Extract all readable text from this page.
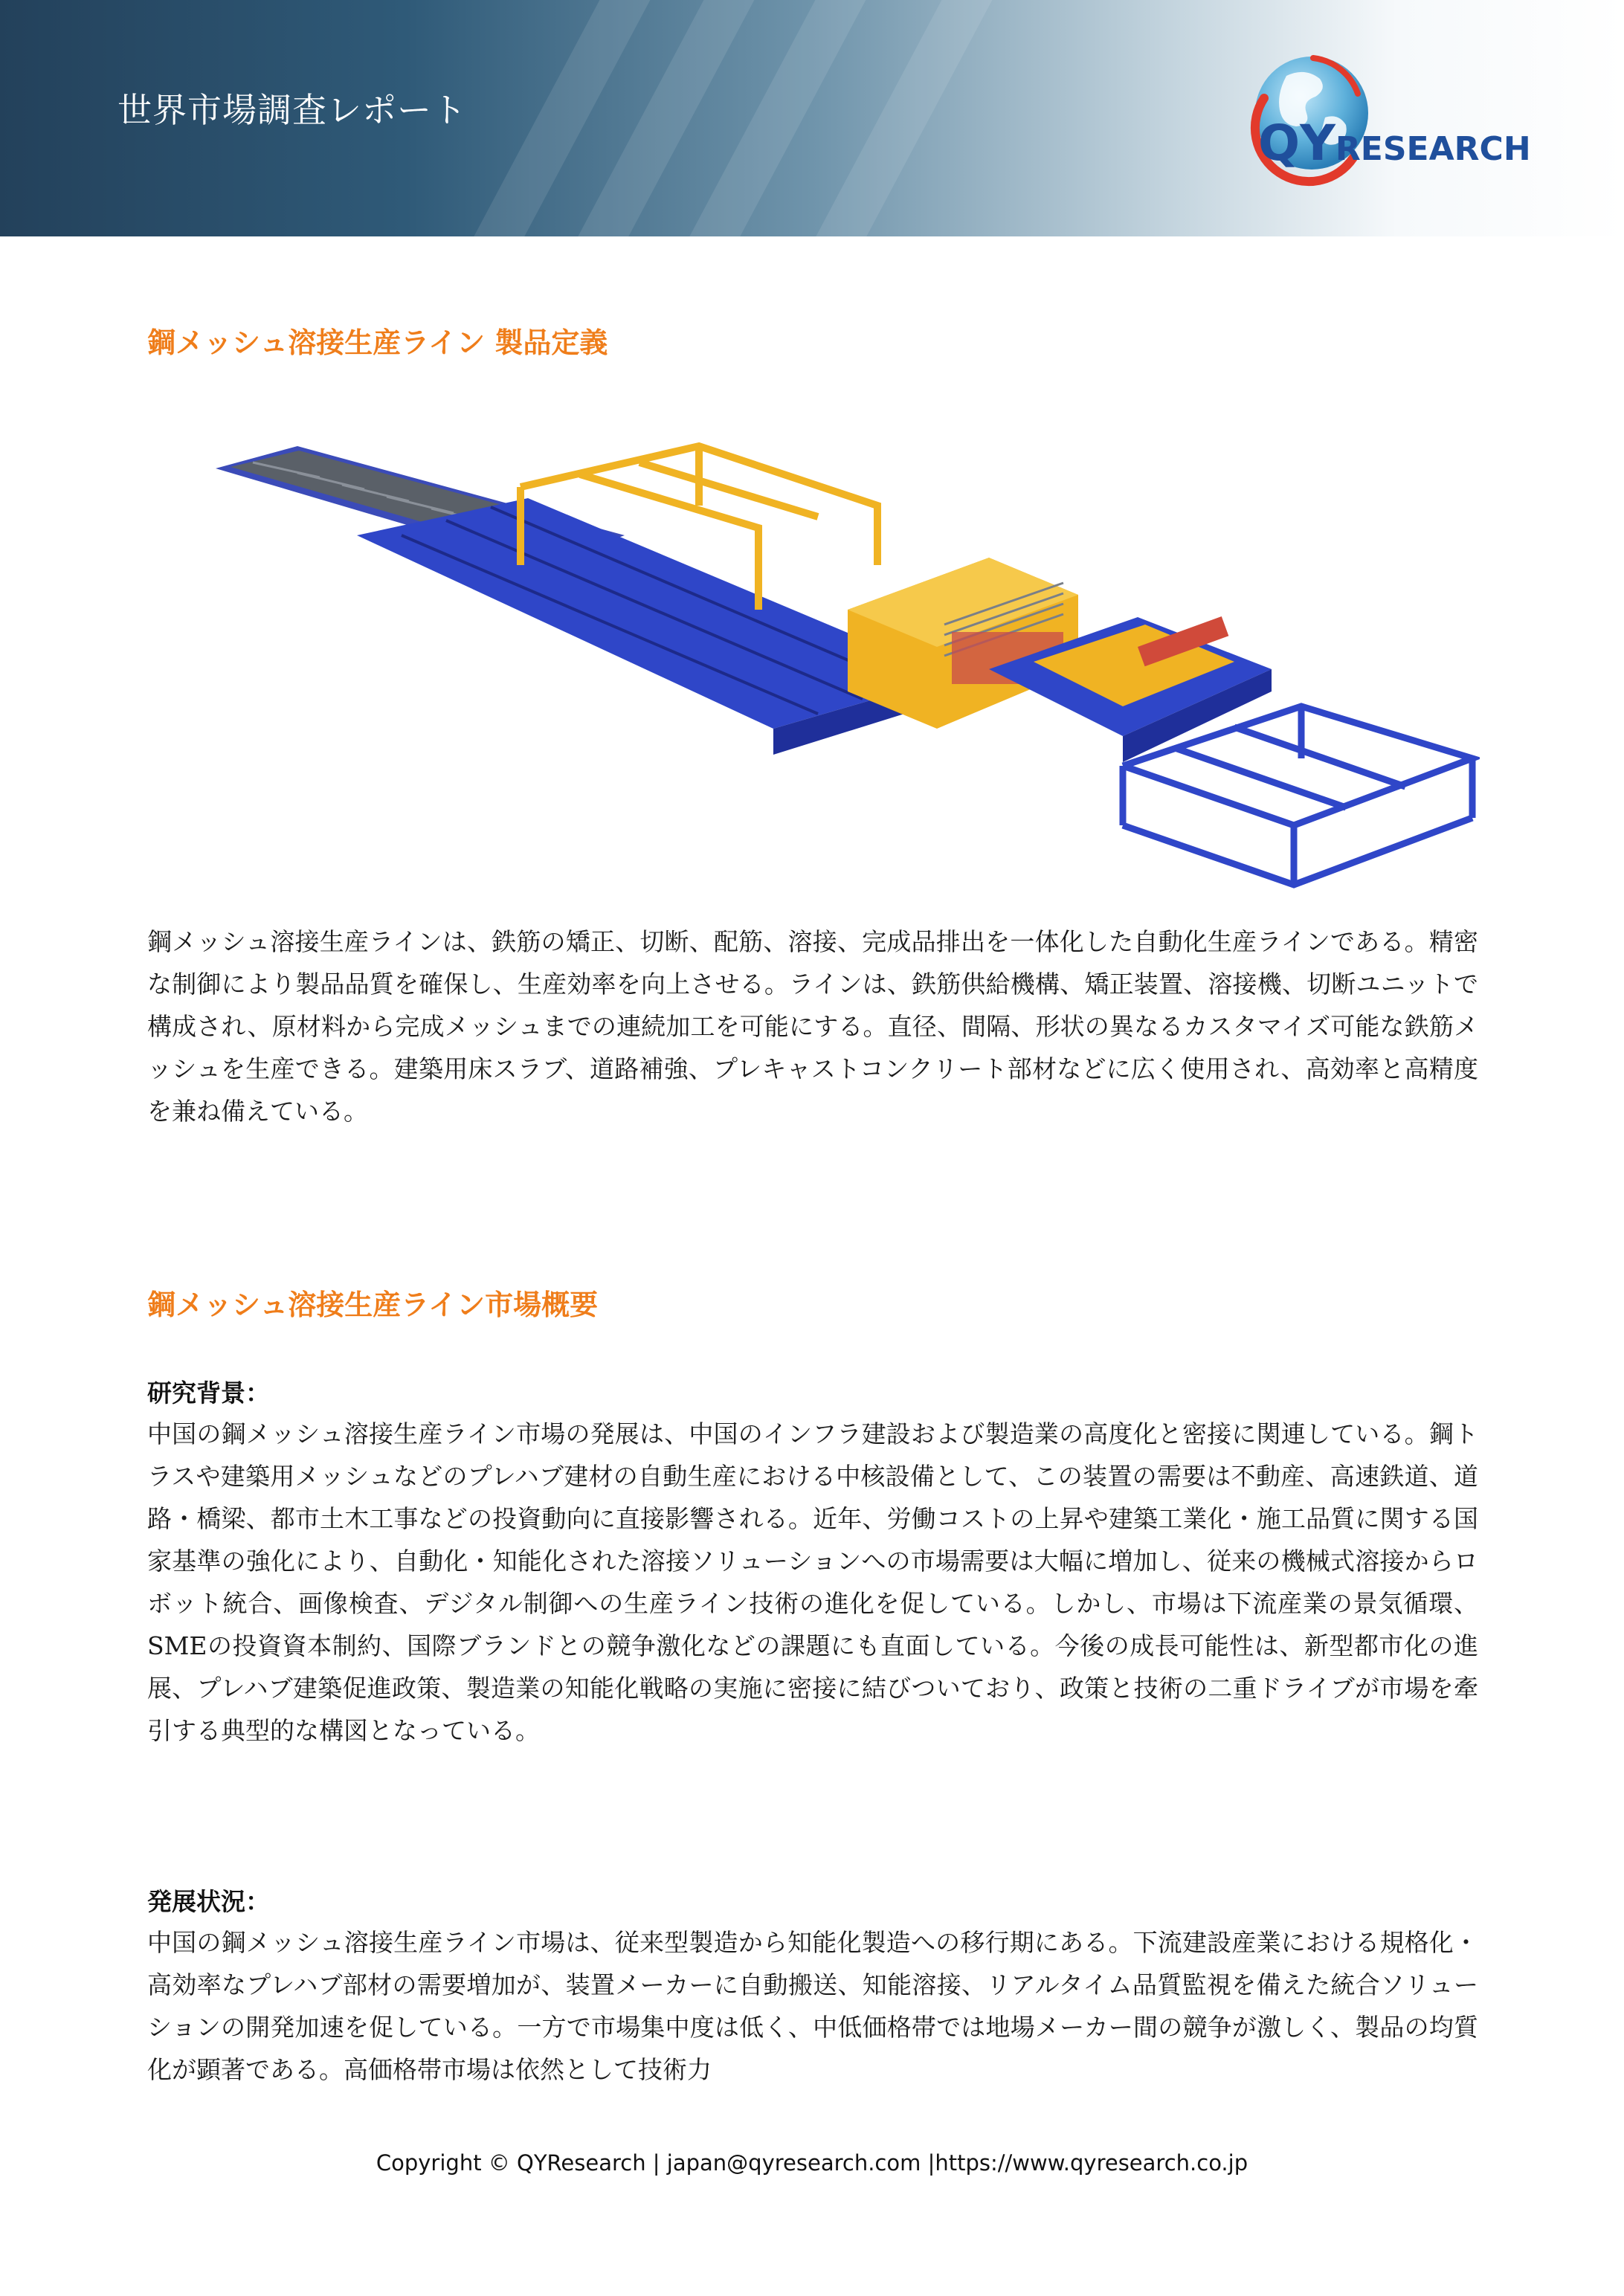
世界市場調査レポート
QYRESEARCH
鋼メッシュ溶接生産ライン 製品定義

鋼メッシュ溶接生産ラインは、鉄筋の矯正、切断、配筋、溶接、完成品排出を一体化した自動化生産ラインである。精密な制御により製品品質を確保し、生産効率を向上させる。ラインは、鉄筋供給機構、矯正装置、溶接機、切断ユニットで構成され、原材料から完成メッシュまでの連続加工を可能にする。直径、間隔、形状の異なるカスタマイズ可能な鉄筋メッシュを生産できる。建築用床スラブ、道路補強、プレキャストコンクリート部材などに広く使用され、高効率と高精度を兼ね備えている。

鋼メッシュ溶接生産ライン市場概要
研究背景：

中国の鋼メッシュ溶接生産ライン市場の発展は、中国のインフラ建設および製造業の高度化と密接に関連している。鋼トラスや建築用メッシュなどのプレハブ建材の自動生産における中核設備として、この装置の需要は不動産、高速鉄道、道路・橋梁、都市土木工事などの投資動向に直接影響される。近年、労働コストの上昇や建築工業化・施工品質に関する国家基準の強化により、自動化・知能化された溶接ソリューションへの市場需要は大幅に増加し、従来の機械式溶接からロボット統合、画像検査、デジタル制御への生産ライン技術の進化を促している。しかし、市場は下流産業の景気循環、SMEの投資資本制約、国際ブランドとの競争激化などの課題にも直面している。今後の成長可能性は、新型都市化の進展、プレハブ建築促進政策、製造業の知能化戦略の実施に密接に結びついており、政策と技術の二重ドライブが市場を牽引する典型的な構図となっている。

発展状況：

中国の鋼メッシュ溶接生産ライン市場は、従来型製造から知能化製造への移行期にある。下流建設産業における規格化・高効率なプレハブ部材の需要増加が、装置メーカーに自動搬送、知能溶接、リアルタイム品質監視を備えた統合ソリューションの開発加速を促している。一方で市場集中度は低く、中低価格帯では地場メーカー間の競争が激しく、製品の均質化が顕著である。高価格帯市場は依然として技術力

Copyright © QYResearch | japan@qyresearch.com |https://www.qyresearch.co.jp
